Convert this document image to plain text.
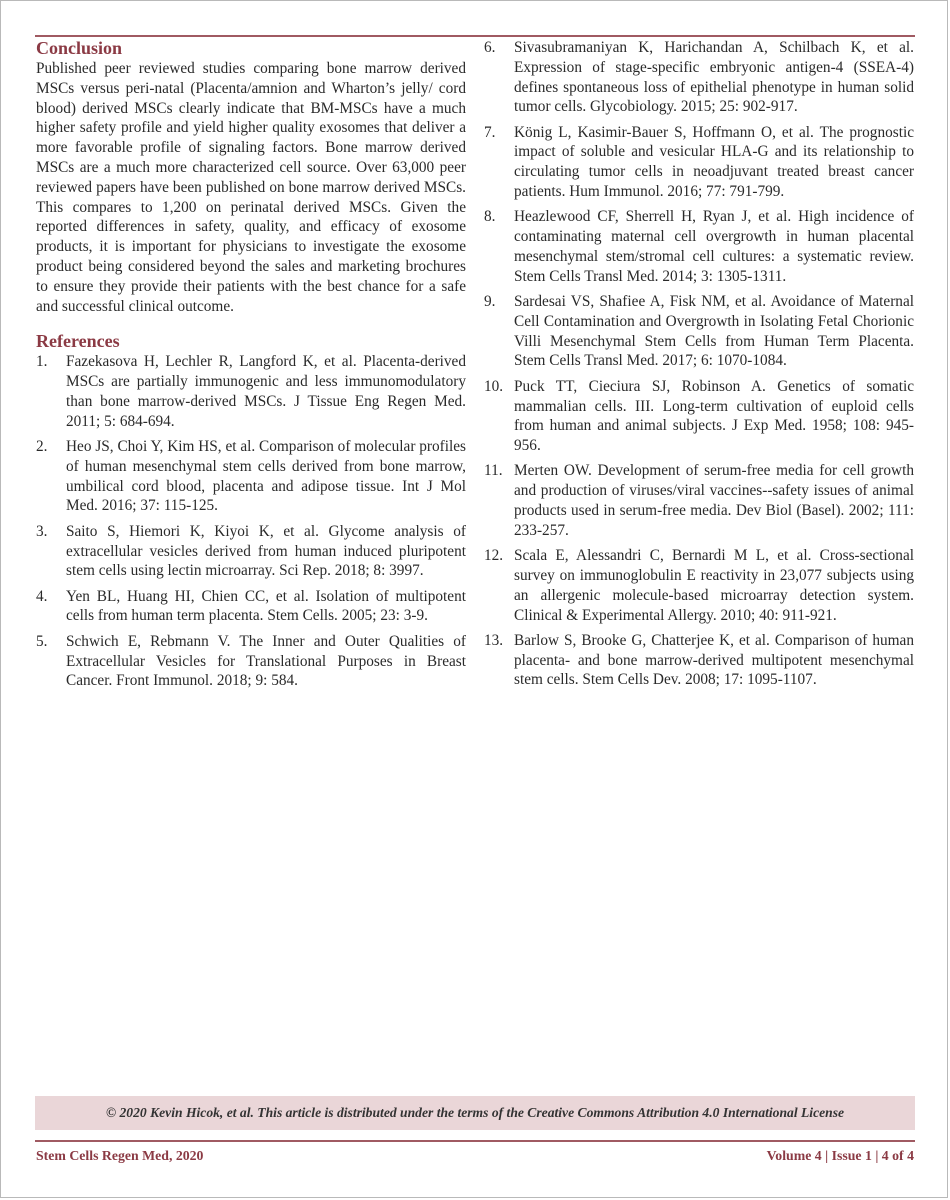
Conclusion

Published peer reviewed studies comparing bone marrow derived MSCs versus peri-natal (Placenta/amnion and Wharton’s jelly/ cord blood) derived MSCs clearly indicate that BM-MSCs have a much higher safety profile and yield higher quality exosomes that deliver a more favorable profile of signaling factors. Bone marrow derived MSCs are a much more characterized cell source. Over 63,000 peer reviewed papers have been published on bone marrow derived MSCs. This compares to 1,200 on perinatal derived MSCs. Given the reported differences in safety, quality, and efficacy of exosome products, it is important for physicians to investigate the exosome product being considered beyond the sales and marketing brochures to ensure they provide their patients with the best chance for a safe and successful clinical outcome.

References
1.	Fazekasova H, Lechler R, Langford K, et al. Placenta-derived MSCs are partially immunogenic and less immunomodulatory than bone marrow-derived MSCs. J Tissue Eng Regen Med. 2011; 5: 684-694.
2.	Heo JS, Choi Y, Kim HS, et al. Comparison of molecular profiles of human mesenchymal stem cells derived from bone marrow, umbilical cord blood, placenta and adipose tissue. Int J Mol Med. 2016; 37: 115-125.
3.	Saito S, Hiemori K, Kiyoi K, et al. Glycome analysis of extracellular vesicles derived from human induced pluripotent stem cells using lectin microarray. Sci Rep. 2018; 8: 3997.
4.	Yen BL, Huang HI, Chien CC, et al. Isolation of multipotent cells from human term placenta. Stem Cells. 2005; 23: 3-9.
5.	Schwich E, Rebmann V. The Inner and Outer Qualities of Extracellular Vesicles for Translational Purposes in Breast Cancer. Front Immunol. 2018; 9: 584.
6.	Sivasubramaniyan K, Harichandan A, Schilbach K, et al. Expression of stage-specific embryonic antigen-4 (SSEA-4) defines spontaneous loss of epithelial phenotype in human solid tumor cells. Glycobiology. 2015; 25: 902-917.
7.	König L, Kasimir-Bauer S, Hoffmann O, et al. The prognostic impact of soluble and vesicular HLA-G and its relationship to circulating tumor cells in neoadjuvant treated breast cancer patients. Hum Immunol. 2016; 77: 791-799.
8.	Heazlewood CF, Sherrell H, Ryan J, et al. High incidence of contaminating maternal cell overgrowth in human placental mesenchymal stem/stromal cell cultures: a systematic review. Stem Cells Transl Med. 2014; 3: 1305-1311.
9.	Sardesai VS, Shafiee A, Fisk NM, et al. Avoidance of Maternal Cell Contamination and Overgrowth in Isolating Fetal Chorionic Villi Mesenchymal Stem Cells from Human Term Placenta. Stem Cells Transl Med. 2017; 6: 1070-1084.
10. Puck TT, Cieciura SJ, Robinson A. Genetics of somatic mammalian cells. III. Long-term cultivation of euploid cells from human and animal subjects. J Exp Med. 1958; 108: 945-956.
11. Merten OW. Development of serum-free media for cell growth and production of viruses/viral vaccines--safety issues of animal products used in serum-free media. Dev Biol (Basel). 2002; 111: 233-257.
12. Scala E, Alessandri C, Bernardi M L, et al. Cross-sectional survey on immunoglobulin E reactivity in 23,077 subjects using an allergenic molecule-based microarray detection system. Clinical & Experimental Allergy. 2010; 40: 911-921.
13. Barlow S, Brooke G, Chatterjee K, et al. Comparison of human placenta- and bone marrow-derived multipotent mesenchymal stem cells. Stem Cells Dev. 2008; 17: 1095-1107.
© 2020 Kevin Hicok, et al. This article is distributed under the terms of the Creative Commons Attribution 4.0 International License
Stem Cells Regen Med, 2020	Volume 4 | Issue 1 | 4 of 4
